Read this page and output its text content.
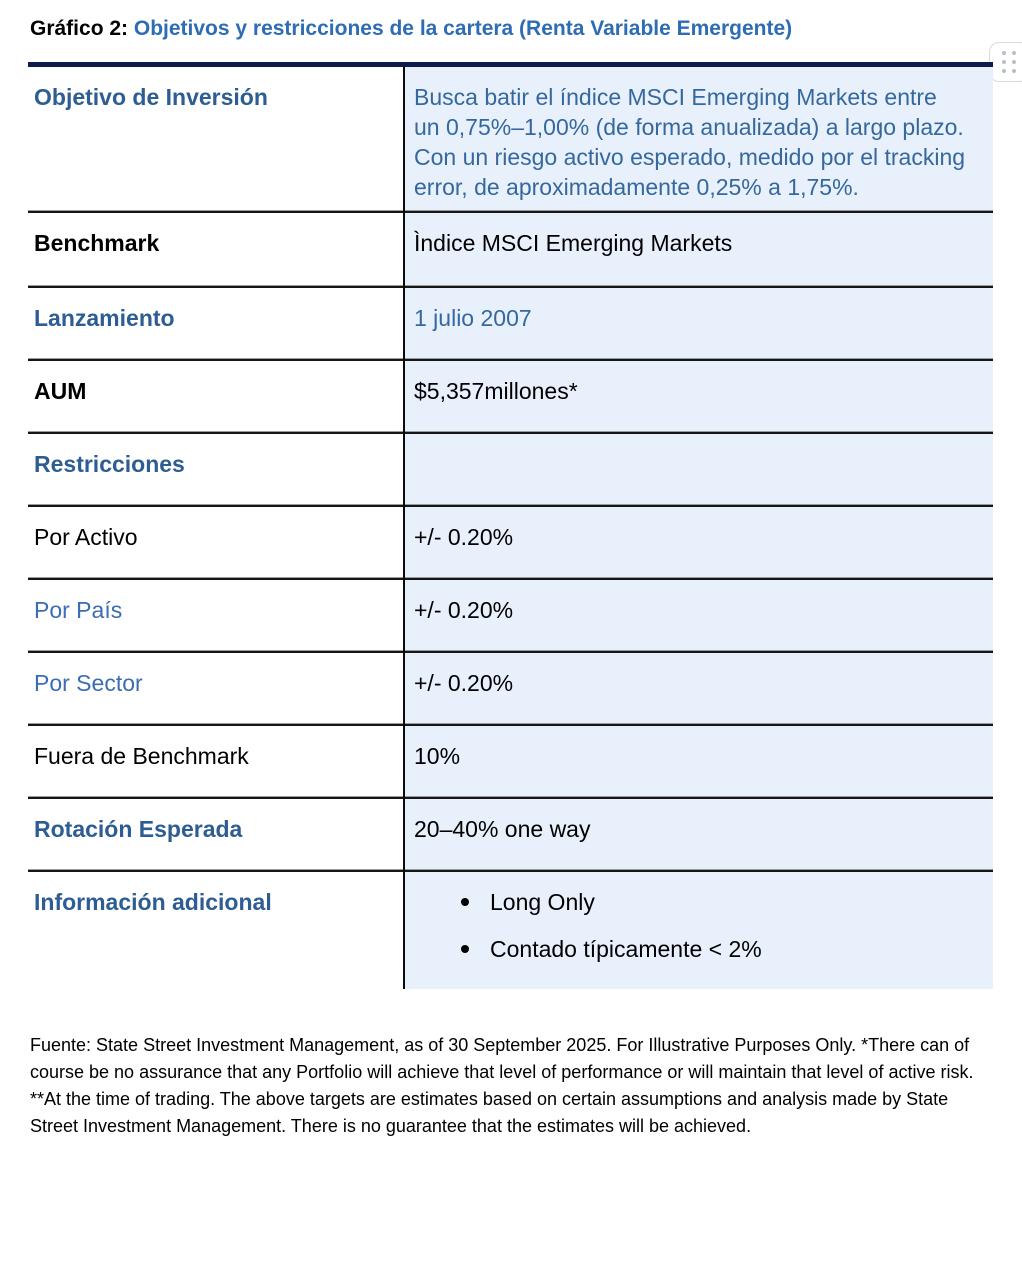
Gráfico 2: Objetivos y restricciones de la cartera (Renta Variable Emergente)
Objetivo de Inversión	Busca batir el índice MSCI Emerging Markets entre un 0,75%–1,00% (de forma anualizada) a largo plazo. Con un riesgo activo esperado, medido por el tracking error, de aproximadamente 0,25% a 1,75%.
Benchmark	Ìndice MSCI Emerging Markets
Lanzamiento	1 julio 2007
AUM	$5,357millones*
Restricciones
Por Activo	+/- 0.20%
Por País	+/- 0.20%
Por Sector	+/- 0.20%
Fuera de Benchmark	10%
Rotación Esperada	20–40% one way
Información adicional	Long Only
Contado típicamente < 2%
Fuente: State Street Investment Management, as of 30 September 2025. For Illustrative Purposes Only. *There can of course be no assurance that any Portfolio will achieve that level of performance or will maintain that level of active risk. **At the time of trading. The above targets are estimates based on certain assumptions and analysis made by State Street Investment Management. There is no guarantee that the estimates will be achieved.
